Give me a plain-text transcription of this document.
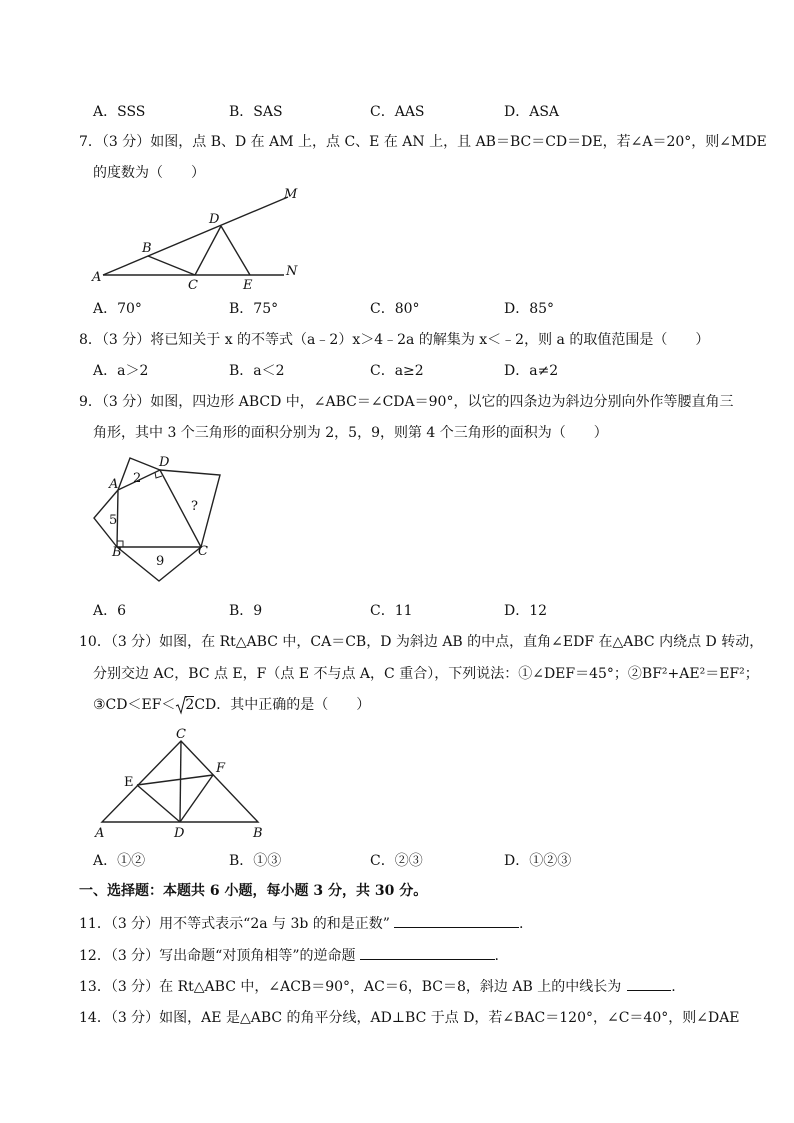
A．SSS	B．SAS	C．AAS	D．ASA
7．（3 分）如图，点 B、D 在 AM 上，点 C、E 在 AN 上，且 AB＝BC＝CD＝DE，若∠A＝20°，则∠MDE
的度数为（　　）
A
B
C
D
E
M
N
A．70°	B．75°	C．80°	D．85°
8．（3 分）将已知关于 x 的不等式（a﹣2）x＞4﹣2a 的解集为 x＜﹣2，则 a 的取值范围是（　　）
A．a＞2	B．a＜2	C．a≥2	D．a≠2
9．（3 分）如图，四边形 ABCD 中，∠ABC＝∠CDA＝90°，以它的四条边为斜边分别向外作等腰直角三
角形，其中 3 个三角形的面积分别为 2，5，9，则第 4 个三角形的面积为（　　）
A
B	C
D
2
5
9
?
A．6	B．9	C．11	D．12
10．（3 分）如图，在 Rt△ABC 中，CA＝CB，D 为斜边 AB 的中点，直角∠EDF 在△ABC 内绕点 D 转动，
分别交边 AC，BC 点 E，F（点 E 不与点 A，C 重合），下列说法：①∠DEF＝45°；②BF²+AE²＝EF²；
③CD＜EF＜ 2CD．其中正确的是（　　）
A	B
C
D
E
F
A．①②	B．①③	C．②③	D．①②③
一、选择题：本题共 6 小题，每小题 3 分，共 30 分。
11．（3 分）用不等式表示“2a 与 3b 的和是正数”	.
12．（3 分）写出命题“对顶角相等”的逆命题	.
13．（3 分）在 Rt△ABC 中，∠ACB＝90°，AC＝6，BC＝8，斜边 AB 上的中线长为	.
14．（3 分）如图，AE 是△ABC 的角平分线，AD⊥BC 于点 D，若∠BAC＝120°，∠C＝40°，则∠DAE
